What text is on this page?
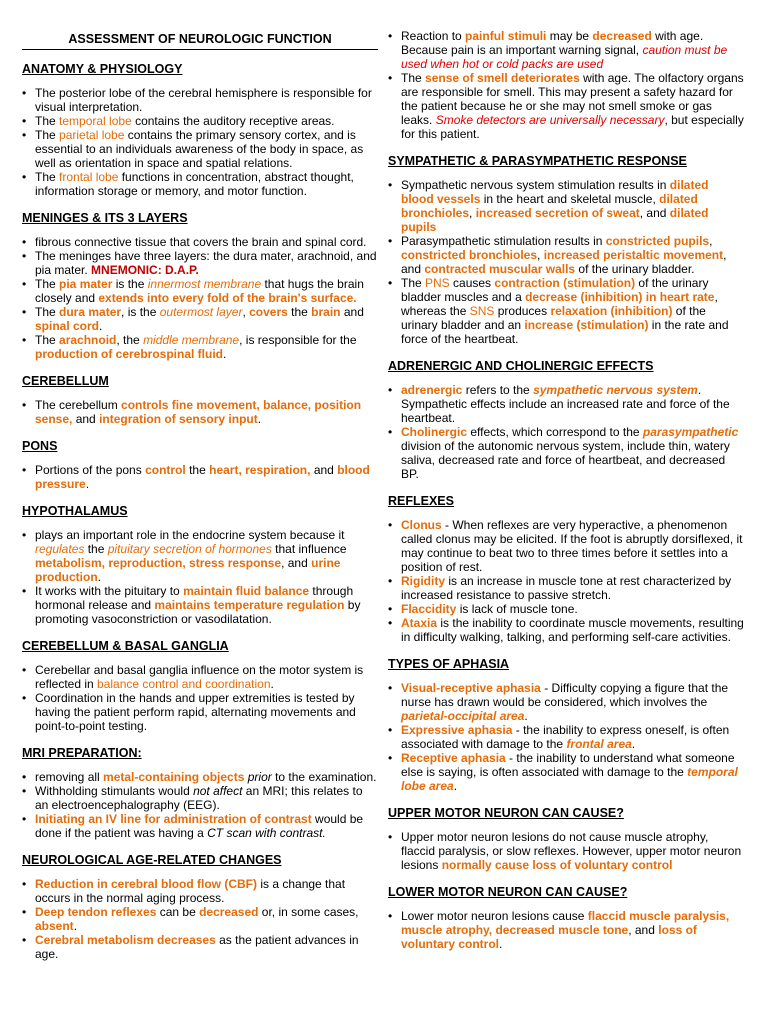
ASSESSMENT OF NEUROLOGIC FUNCTION
ANATOMY & PHYSIOLOGY
• The posterior lobe of the cerebral hemisphere is responsible for visual interpretation.
• The temporal lobe contains the auditory receptive areas.
• The parietal lobe contains the primary sensory cortex, and is essential to an individuals awareness of the body in space, as well as orientation in space and spatial relations.
• The frontal lobe functions in concentration, abstract thought, information storage or memory, and motor function.
MENINGES & ITS 3 LAYERS
• fibrous connective tissue that covers the brain and spinal cord.
• The meninges have three layers: the dura mater, arachnoid, and pia mater. MNEMONIC: D.A.P.
• The pia mater is the innermost membrane that hugs the brain closely and extends into every fold of the brain's surface.
• The dura mater, is the outermost layer, covers the brain and spinal cord.
• The arachnoid, the middle membrane, is responsible for the production of cerebrospinal fluid.
CEREBELLUM
• The cerebellum controls fine movement, balance, position sense, and integration of sensory input.
PONS
• Portions of the pons control the heart, respiration, and blood pressure.
HYPOTHALAMUS
• plays an important role in the endocrine system because it regulates the pituitary secretion of hormones that influence metabolism, reproduction, stress response, and urine production.
• It works with the pituitary to maintain fluid balance through hormonal release and maintains temperature regulation by promoting vasoconstriction or vasodilatation.
CEREBELLUM & BASAL GANGLIA
• Cerebellar and basal ganglia influence on the motor system is reflected in balance control and coordination.
• Coordination in the hands and upper extremities is tested by having the patient perform rapid, alternating movements and point-to-point testing.
MRI PREPARATION:
• removing all metal-containing objects prior to the examination.
• Withholding stimulants would not affect an MRI; this relates to an electroencephalography (EEG).
• Initiating an IV line for administration of contrast would be done if the patient was having a CT scan with contrast.
NEUROLOGICAL AGE-RELATED CHANGES
• Reduction in cerebral blood flow (CBF) is a change that occurs in the normal aging process.
• Deep tendon reflexes can be decreased or, in some cases, absent.
• Cerebral metabolism decreases as the patient advances in age.
• Reaction to painful stimuli may be decreased with age. Because pain is an important warning signal, caution must be used when hot or cold packs are used
• The sense of smell deteriorates with age. The olfactory organs are responsible for smell. This may present a safety hazard for the patient because he or she may not smell smoke or gas leaks. Smoke detectors are universally necessary, but especially for this patient.
SYMPATHETIC & PARASYMPATHETIC RESPONSE
• Sympathetic nervous system stimulation results in dilated blood vessels in the heart and skeletal muscle, dilated bronchioles, increased secretion of sweat, and dilated pupils
• Parasympathetic stimulation results in constricted pupils, constricted bronchioles, increased peristaltic movement, and contracted muscular walls of the urinary bladder.
• The PNS causes contraction (stimulation) of the urinary bladder muscles and a decrease (inhibition) in heart rate, whereas the SNS produces relaxation (inhibition) of the urinary bladder and an increase (stimulation) in the rate and force of the heartbeat.
ADRENERGIC AND CHOLINERGIC EFFECTS
• adrenergic refers to the sympathetic nervous system. Sympathetic effects include an increased rate and force of the heartbeat.
• Cholinergic effects, which correspond to the parasympathetic division of the autonomic nervous system, include thin, watery saliva, decreased rate and force of heartbeat, and decreased BP.
REFLEXES
• Clonus - When reflexes are very hyperactive, a phenomenon called clonus may be elicited. If the foot is abruptly dorsiflexed, it may continue to beat two to three times before it settles into a position of rest.
• Rigidity is an increase in muscle tone at rest characterized by increased resistance to passive stretch.
• Flaccidity is lack of muscle tone.
• Ataxia is the inability to coordinate muscle movements, resulting in difficulty walking, talking, and performing self-care activities.
TYPES OF APHASIA
• Visual-receptive aphasia - Difficulty copying a figure that the nurse has drawn would be considered, which involves the parietal-occipital area.
• Expressive aphasia - the inability to express oneself, is often associated with damage to the frontal area.
• Receptive aphasia - the inability to understand what someone else is saying, is often associated with damage to the temporal lobe area.
UPPER MOTOR NEURON CAN CAUSE?
• Upper motor neuron lesions do not cause muscle atrophy, flaccid paralysis, or slow reflexes. However, upper motor neuron lesions normally cause loss of voluntary control
LOWER MOTOR NEURON CAN CAUSE?
• Lower motor neuron lesions cause flaccid muscle paralysis, muscle atrophy, decreased muscle tone, and loss of voluntary control.
